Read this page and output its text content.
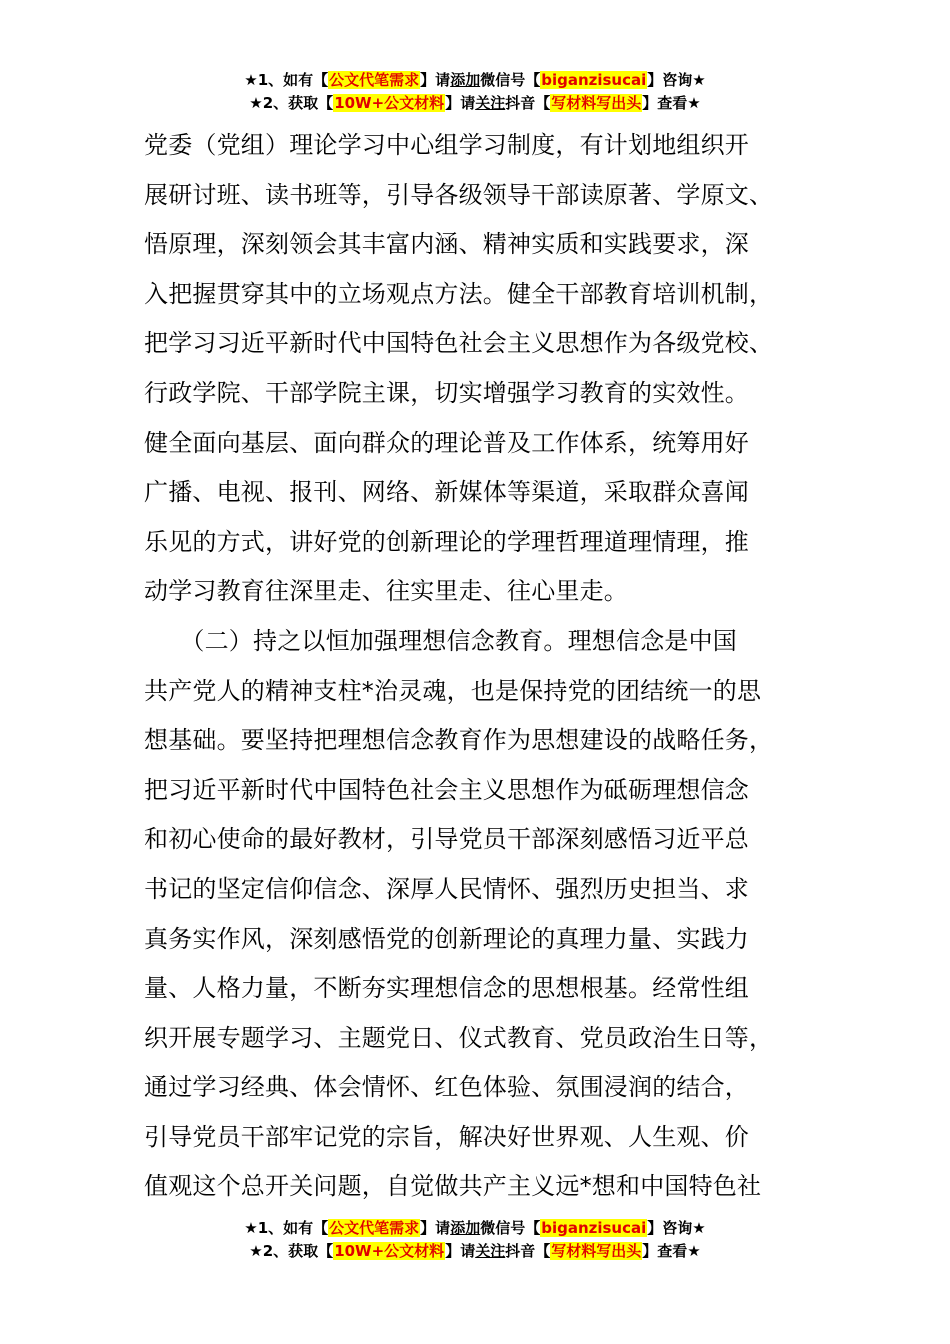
★1、如有【公文代笔需求】请添加微信号【biganzisucai】咨询★
★2、获取【10W+公文材料】请关注抖音【写材料写出头】查看★
党委（党组）理论学习中心组学习制度，有计划地组织开
展研讨班、读书班等，引导各级领导干部读原著、学原文、
悟原理，深刻领会其丰富内涵、精神实质和实践要求，深
入把握贯穿其中的立场观点方法。健全干部教育培训机制，
把学习习近平新时代中国特色社会主义思想作为各级党校、
行政学院、干部学院主课，切实增强学习教育的实效性。
健全面向基层、面向群众的理论普及工作体系，统筹用好
广播、电视、报刊、网络、新媒体等渠道，采取群众喜闻
乐见的方式，讲好党的创新理论的学理哲理道理情理，推
动学习教育往深里走、往实里走、往心里走。
　　（二）持之以恒加强理想信念教育。理想信念是中国
共产党人的精神支柱*治灵魂，也是保持党的团结统一的思
想基础。要坚持把理想信念教育作为思想建设的战略任务，
把习近平新时代中国特色社会主义思想作为砥砺理想信念
和初心使命的最好教材，引导党员干部深刻感悟习近平总
书记的坚定信仰信念、深厚人民情怀、强烈历史担当、求
真务实作风，深刻感悟党的创新理论的真理力量、实践力
量、人格力量，不断夯实理想信念的思想根基。经常性组
织开展专题学习、主题党日、仪式教育、党员政治生日等，
通过学习经典、体会情怀、红色体验、氛围浸润的结合，
引导党员干部牢记党的宗旨，解决好世界观、人生观、价
值观这个总开关问题，自觉做共产主义远*想和中国特色社
★1、如有【公文代笔需求】请添加微信号【biganzisucai】咨询★
★2、获取【10W+公文材料】请关注抖音【写材料写出头】查看★
